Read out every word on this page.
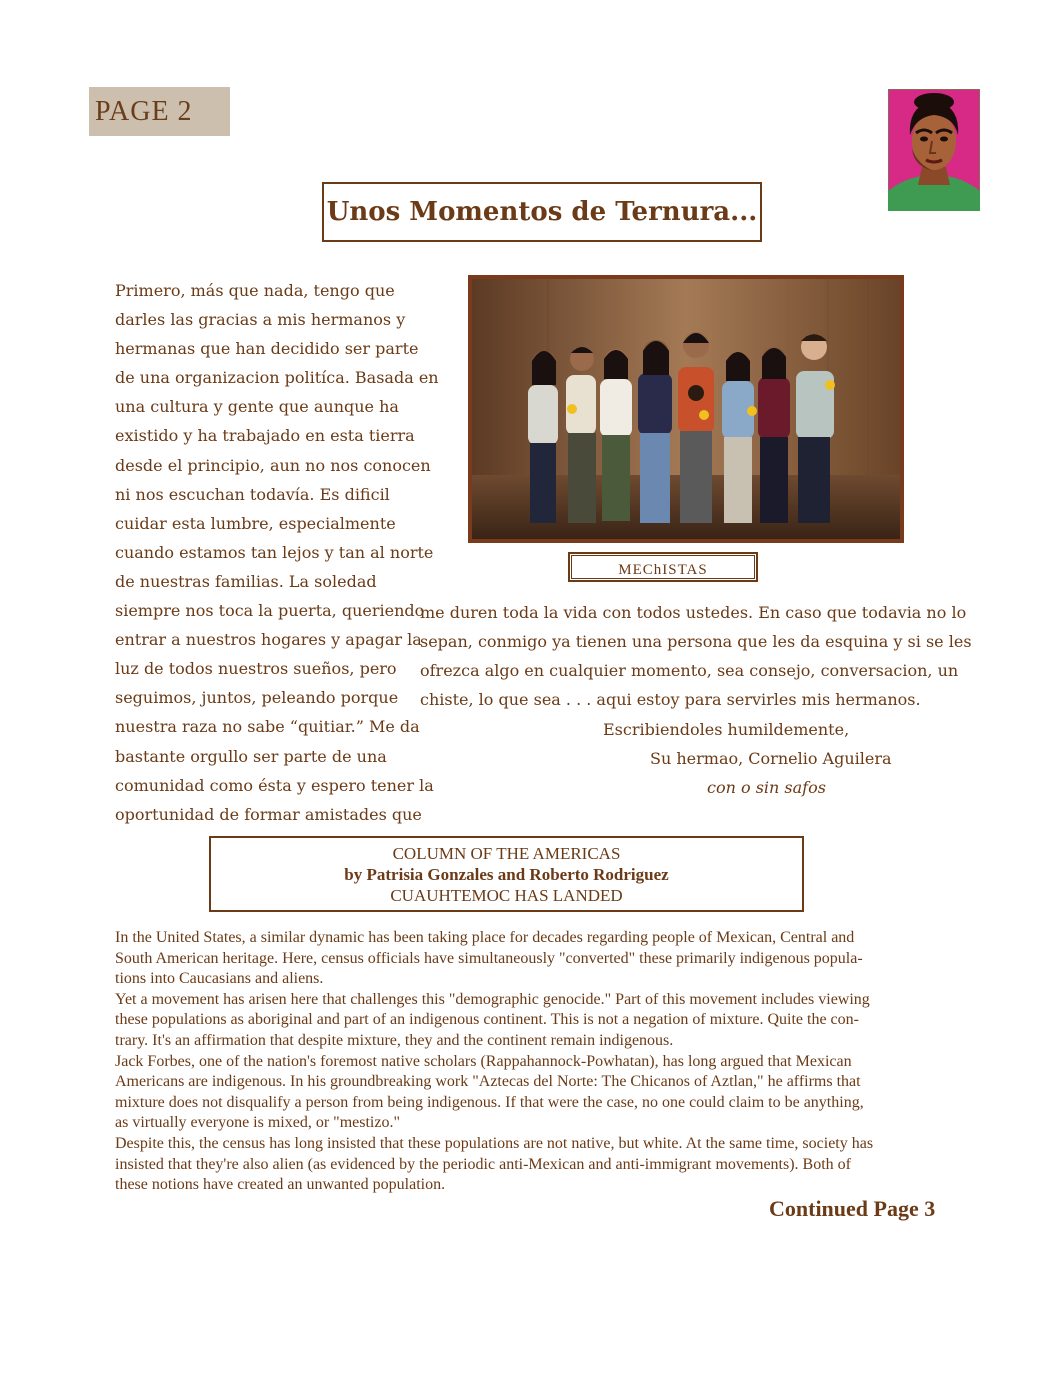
PAGE 2
Unos Momentos de Ternura...
Primero, más que nada, tengo que
darles las gracias a mis hermanos y
hermanas que han decidido ser parte
de una organizacion politíca. Basada en
una cultura y gente que aunque ha
existido y ha trabajado en esta tierra
desde el principio, aun no nos conocen
ni nos escuchan todavía. Es dificil
cuidar esta lumbre, especialmente
cuando estamos tan lejos y tan al norte
de nuestras familias. La soledad
siempre nos toca la puerta, queriendo
entrar a nuestros hogares y apagar la
luz de todos nuestros sueños, pero
seguimos, juntos, peleando porque
nuestra raza no sabe “quitiar.” Me da
bastante orgullo ser parte de una
comunidad como ésta y espero tener la
oportunidad de formar amistades que
MEChISTAS
me duren toda la vida con todos ustedes. En caso que todavia no lo
sepan, conmigo ya tienen una persona que les da esquina y si se les
ofrezca algo en cualquier momento, sea consejo, conversacion, un
chiste, lo que sea . . . aqui estoy para servirles mis hermanos.
Escribiendoles humildemente,
Su hermao, Cornelio Aguilera
con o sin safos
COLUMN OF THE AMERICAS
by Patrisia Gonzales and Roberto Rodriguez
CUAUHTEMOC HAS LANDED
In the United States, a similar dynamic has been taking place for decades regarding people of Mexican, Central and
South American heritage. Here, census officials have simultaneously "converted" these primarily indigenous popula-
tions into Caucasians and aliens.
Yet a movement has arisen here that challenges this "demographic genocide." Part of this movement includes viewing
these populations as aboriginal and part of an indigenous continent. This is not a negation of mixture. Quite the con-
trary. It's an affirmation that despite mixture, they and the continent remain indigenous.
Jack Forbes, one of the nation's foremost native scholars (Rappahannock-Powhatan), has long argued that Mexican
Americans are indigenous. In his groundbreaking work "Aztecas del Norte: The Chicanos of Aztlan," he affirms that
mixture does not disqualify a person from being indigenous. If that were the case, no one could claim to be anything,
as virtually everyone is mixed, or "mestizo."
Despite this, the census has long insisted that these populations are not native, but white. At the same time, society has
insisted that they're also alien (as evidenced by the periodic anti-Mexican and anti-immigrant movements). Both of
these notions have created an unwanted population.
Continued Page 3
